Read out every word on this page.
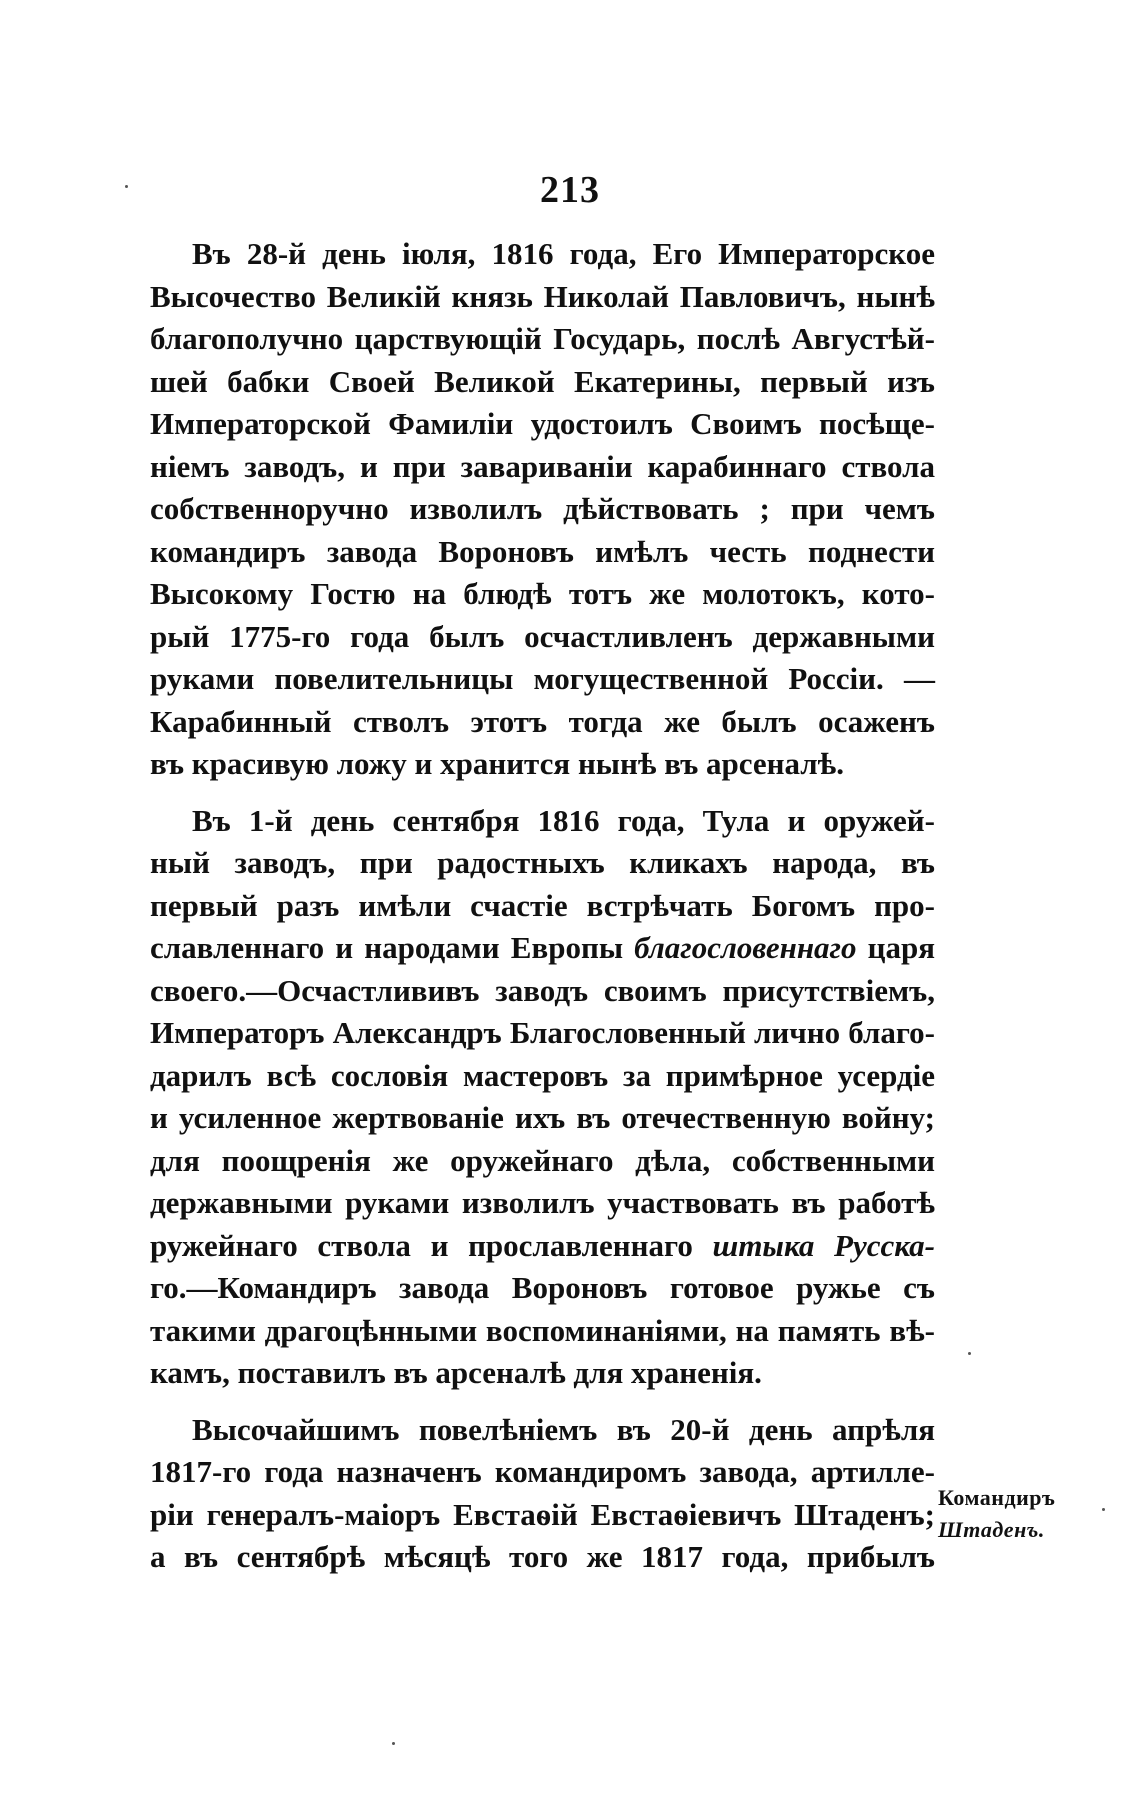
213
Въ 28-й день іюля, 1816 года, Его Императорское
Высочество Великій князь Николай Павловичъ, нынѣ
благополучно царствующій Государь, послѣ Августѣй-
шей бабки Своей Великой Екатерины, первый изъ
Императорской Фамиліи удостоилъ Своимъ посѣще-
ніемъ заводъ, и при завариваніи карабиннаго ствола
собственноручно изволилъ дѣйствовать ; при чемъ
командиръ завода Вороновъ имѣлъ честь поднести
Высокому Гостю на блюдѣ тотъ же молотокъ, кото-
рый 1775-го года былъ осчастливленъ державными
руками повелительницы могущественной Россіи. —
Карабинный стволъ этотъ тогда же былъ осаженъ
въ красивую ложу и хранится нынѣ въ арсеналѣ.
Въ 1-й день сентября 1816 года, Тула и оружей-
ный заводъ, при радостныхъ кликахъ народа, въ
первый разъ имѣли счастіе встрѣчать Богомъ про-
славленнаго и народами Европы благословеннаго царя
своего.—Осчастлививъ заводъ своимъ присутствіемъ,
Императоръ Александръ Благословенный лично благо-
дарилъ всѣ сословія мастеровъ за примѣрное усердіе
и усиленное жертвованіе ихъ въ отечественную войну;
для поощренія же оружейнаго дѣла, собственными
державными руками изволилъ участвовать въ работѣ
ружейнаго ствола и прославленнаго штыка Русска-
го.—Командиръ завода Вороновъ готовое ружье съ
такими драгоцѣнными воспоминаніями, на память вѣ-
камъ, поставилъ въ арсеналѣ для храненія.
Высочайшимъ повелѣніемъ въ 20-й день апрѣля
1817-го года назначенъ командиромъ завода, артилле-
ріи генералъ-маіоръ Евстаѳій Евстаѳіевичъ Штаденъ;
а въ сентябрѣ мѣсяцѣ того же 1817 года, прибылъ
Командиръ
Штаденъ.
